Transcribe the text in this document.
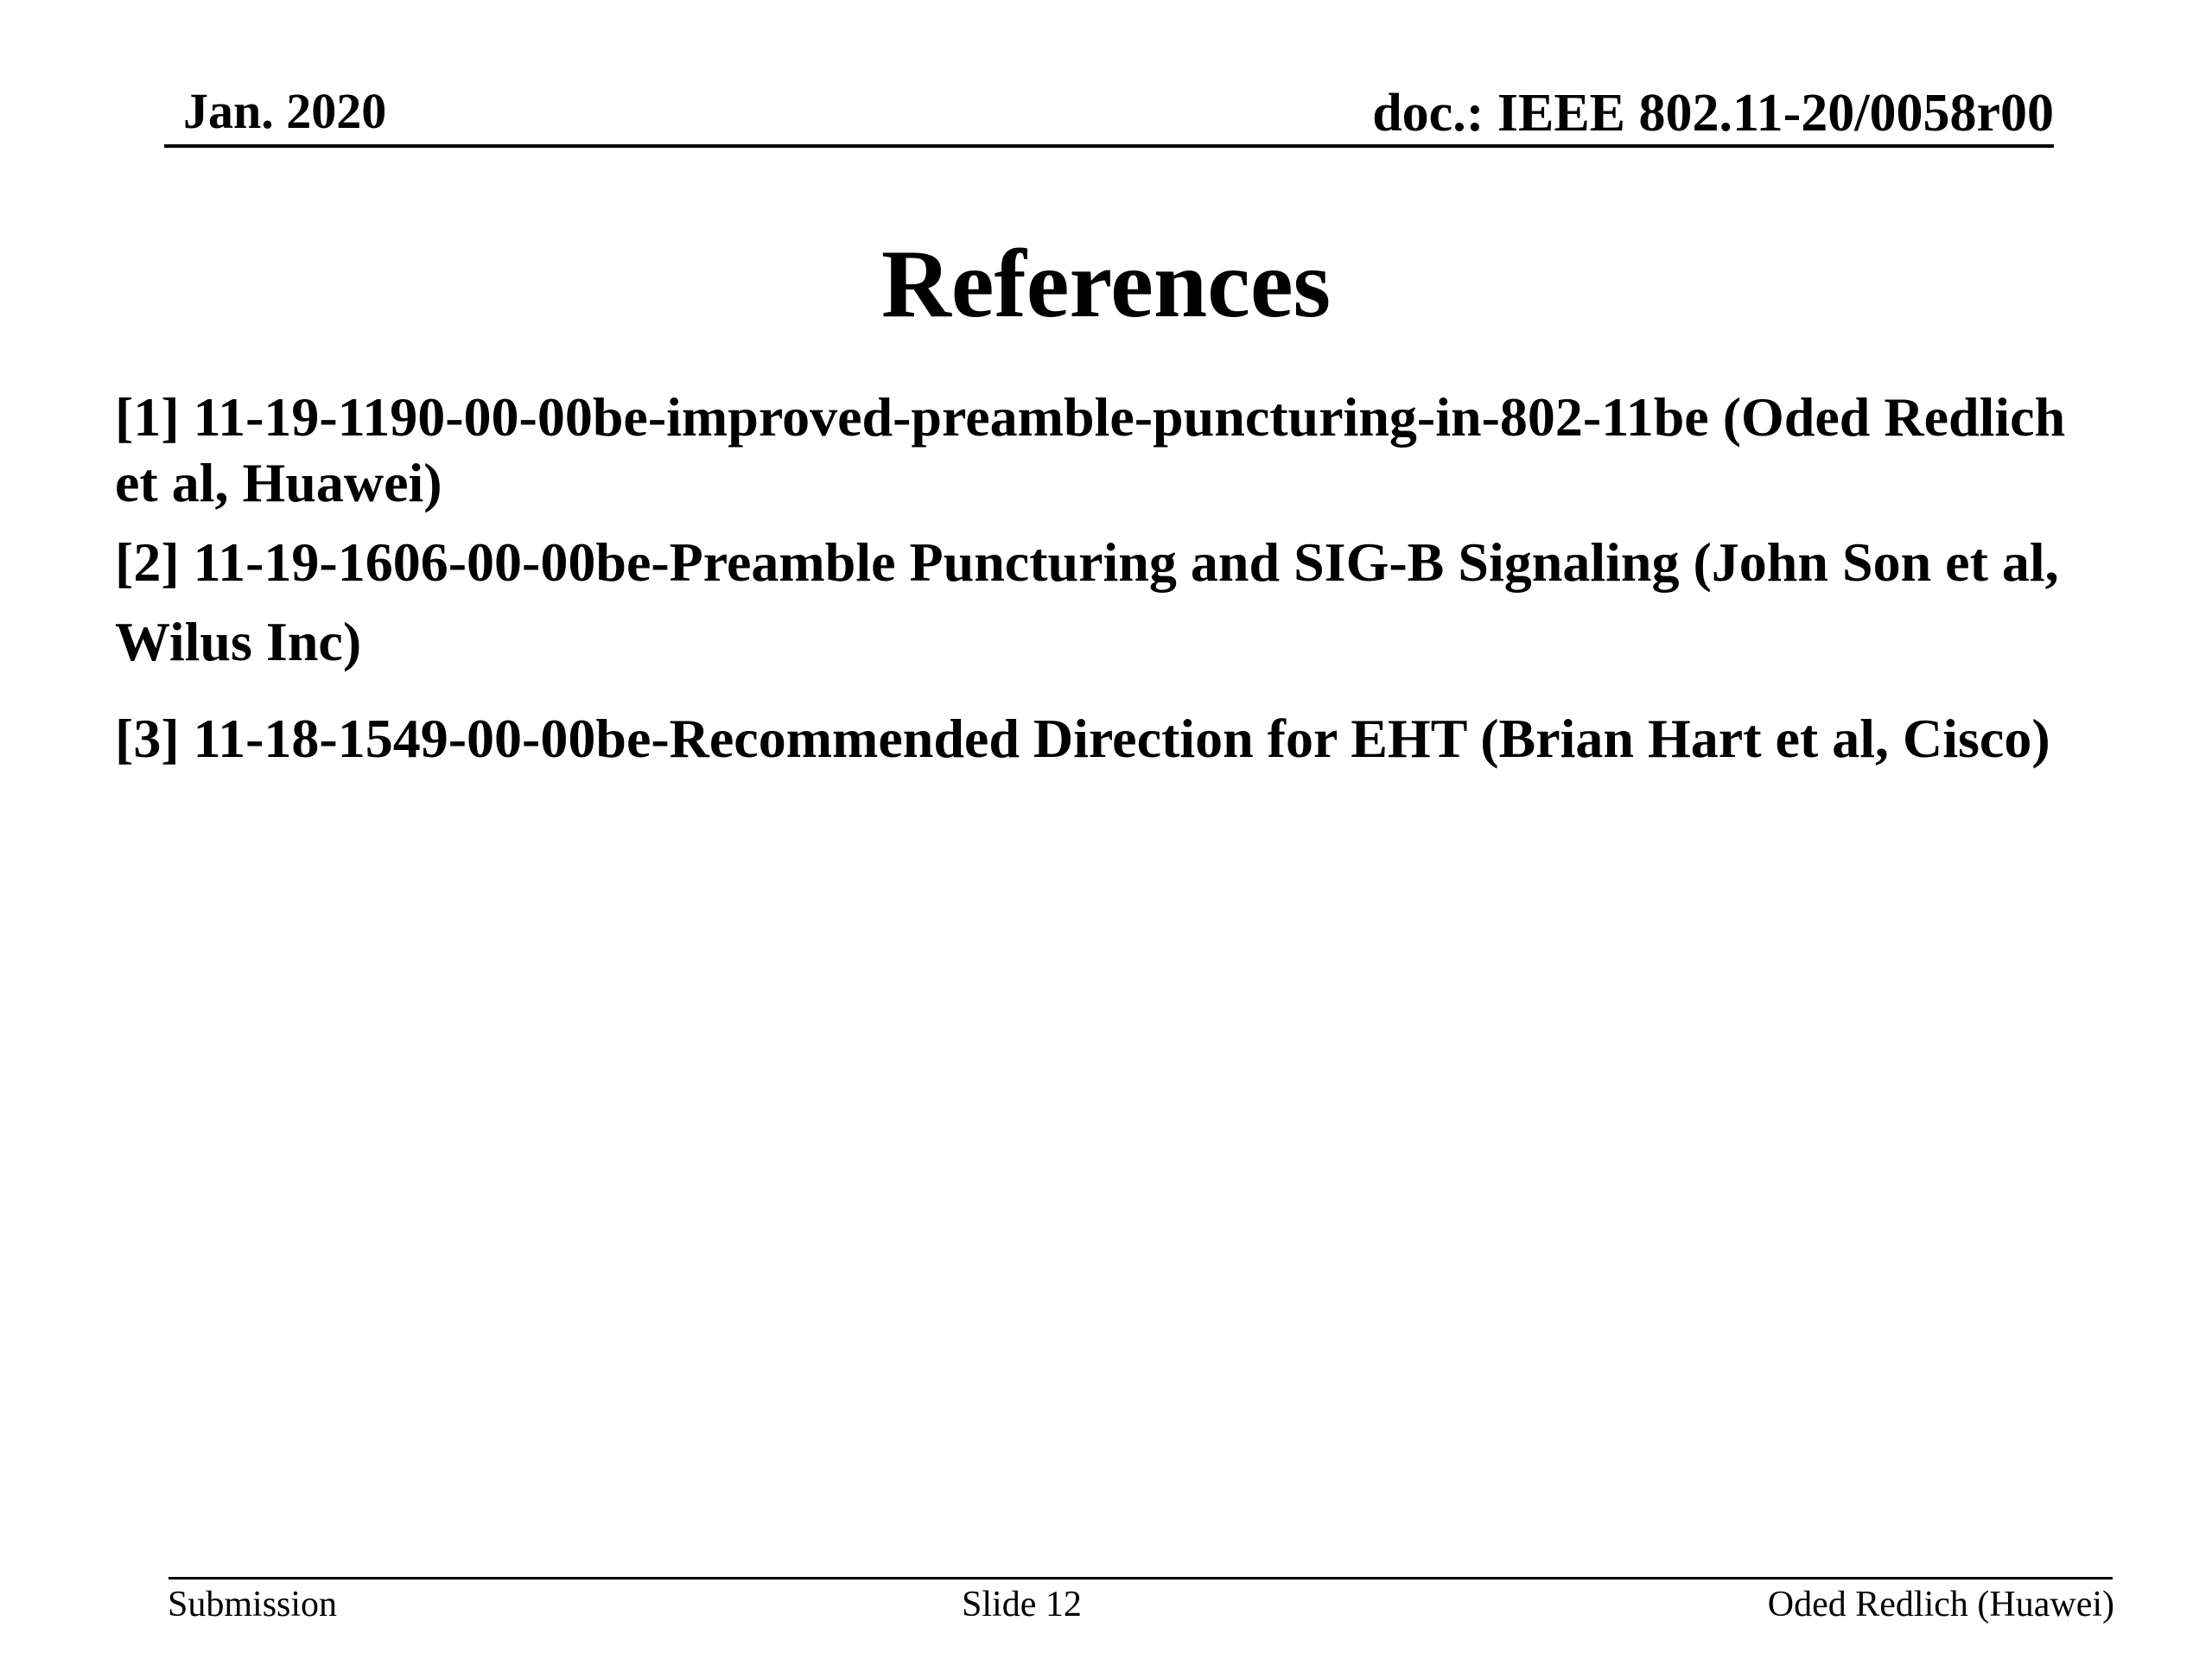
Jan. 2020	doc.: IEEE 802.11-20/0058r00
References

[1] 11-19-1190-00-00be-improved-preamble-puncturing-in-802-11be (Oded Redlich et al, Huawei)

[2] 11-19-1606-00-00be-Preamble Puncturing and SIG-B Signaling (John Son et al, Wilus Inc)

[3] 11-18-1549-00-00be-Recommended Direction for EHT (Brian Hart et al, Cisco)

Submission	Slide 12	Oded Redlich (Huawei)
